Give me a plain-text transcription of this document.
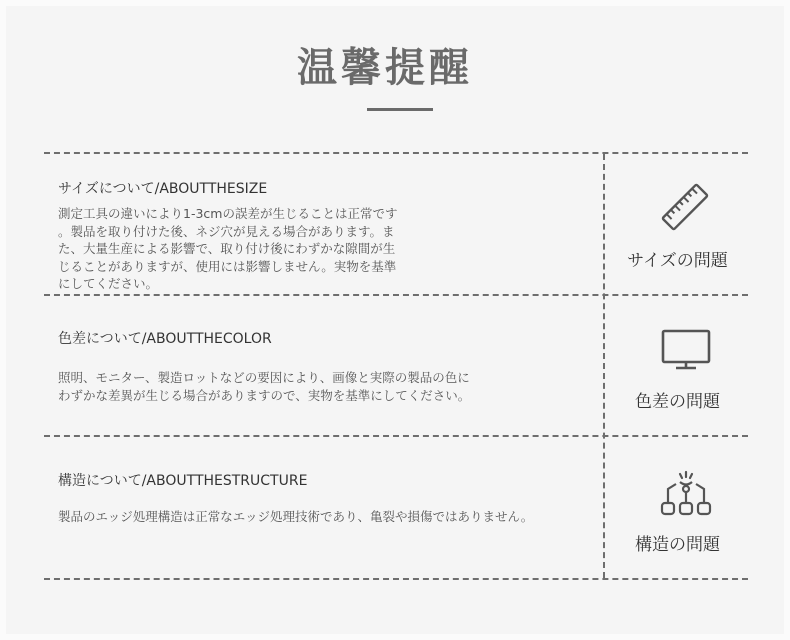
温馨提醒
サイズについて/ABOUTTHESIZE
測定工具の違いにより1-3cmの誤差が生じることは正常です
。製品を取り付けた後、ネジ穴が見える場合があります。ま
た、大量生産による影響で、取り付け後にわずかな隙間が生
じることがありますが、使用には影響しません。実物を基準
にしてください。
サイズの問題
色差について/ABOUTTHECOLOR
照明、モニター、製造ロットなどの要因により、画像と実際の製品の色に
わずかな差異が生じる場合がありますので、実物を基準にしてください。	色差の問題
構造について/ABOUTTHESTRUCTURE
製品のエッジ処理構造は正常なエッジ処理技術であり、亀裂や損傷ではありません。
構造の問題
